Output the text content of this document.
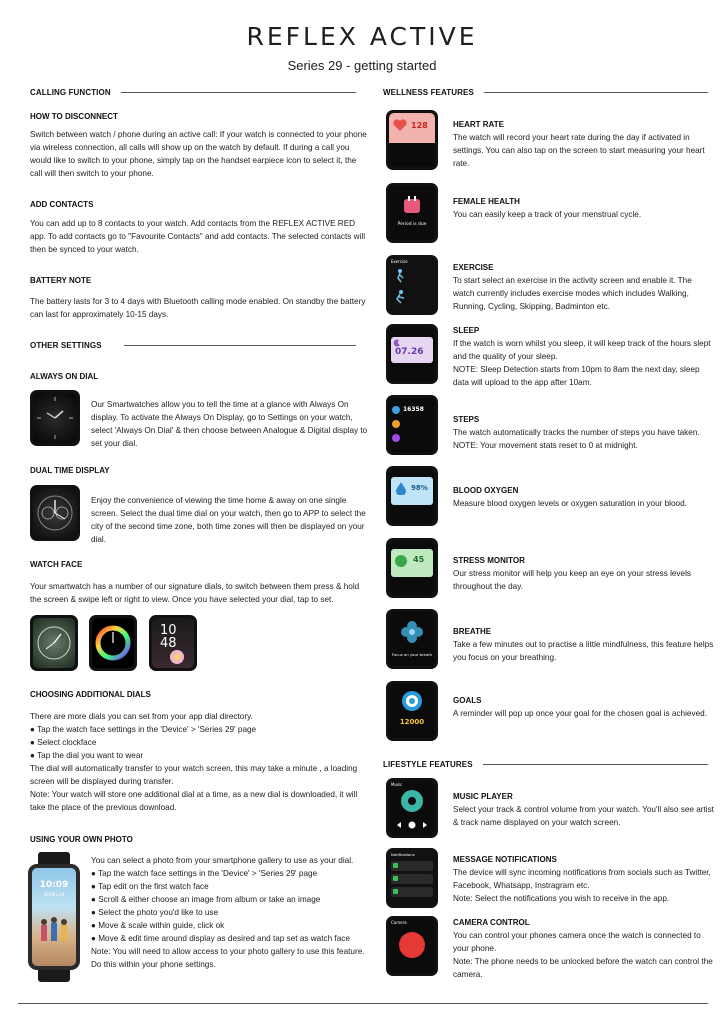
REFLEX ACTIVE
Series 29 - getting started
CALLING FUNCTION
HOW TO DISCONNECT
Switch between watch / phone during an active call: If your watch is connected to your phone via wireless connection, all calls will show up on the watch by default. If during a call you would like to switch to your phone, simply tap on the handset earpiece icon to select it, the call will then switch to your phone.
ADD CONTACTS
You can add up to 8 contacts to your watch. Add contacts from the REFLEX ACTIVE RED app. To add contacts go to "Favourite Contacts" and add contacts. The selected contacts will then be synced to your watch.
BATTERY NOTE
The battery lasts for 3 to 4 days with Bluetooth calling mode enabled. On standby the battery can last for approximately 10-15 days.
OTHER SETTINGS
ALWAYS ON DIAL
Our Smartwatches allow you to tell the time at a glance with Always On display. To activate the Always On Display, go to Settings on your watch, select 'Always On Dial' & then choose between Analogue & Digital display to set your dial.
DUAL TIME DISPLAY
Enjoy the convenience of viewing the time home & away on one single screen. Select the dual time dial on your watch, then go to APP to select the city of the second time zone, both time zones will then be displayed on your dial.
WATCH FACE
Your smartwatch has a number of our signature dials, to switch between them press & hold the screen & swipe left or right to view. Once you have selected your dial, tap to set.
10
48
CHOOSING ADDITIONAL DIALS

There are more dials you can set from your app dial directory.

● Tap the watch face settings in the 'Device' > 'Series 29' page

● Select clockface

● Tap the dial you want to wear

The dial will automatically transfer to your watch screen, this may take a minute , a loading screen will be displayed during transfer.

Note: Your watch will store one additional dial at a time, as a new dial is downloaded, it will take the place of the previous download.

USING YOUR OWN PHOTO
10:09
SERIES 29

You can select a photo from your smartphone gallery to use as your dial.

● Tap the watch face settings in the 'Device' > 'Series 29' page

● Tap edit on the first watch face

● Scroll & either choose an image from album or take an image

● Select the photo you'd like to use

● Move & scale within guide, click ok

● Move & edit time around display as desired and tap set as watch face

Note: You will need to allow access to your photo gallery to use this feature. Do this within your phone settings.

WELLNESS FEATURES
128	HEART RATE
The watch will record your heart rate during the day if activated in settings. You can also tap on the screen to start measuring your heart rate.
Period is due
FEMALE HEALTH
You can easily keep a track of your menstrual cycle.
Exercise
EXERCISE
To start select an exercise in the activity screen and enable it. The watch currently includes exercise modes which includes Walking, Running, Cycling, Skipping, Badminton etc.
07.26
SLEEP

If the watch is worn whilst you sleep, it will keep track of the hours slept and the quality of your sleep.

NOTE: Sleep Detection starts from 10pm to 8am the next day, sleep data will upload to the app after 10am.

16358
STEPS

The watch automatically tracks the number of steps you have taken.

NOTE: Your movement stats reset to 0 at midnight.

98%	BLOOD OXYGEN
Measure blood oxygen levels or oxygen saturation in your blood.
45	STRESS MONITOR
Our stress monitor will help you keep an eye on your stress levels throughout the day.
Focus on your breath
BREATHE
Take a few minutes out to practise a little mindfulness, this feature helps you focus on your breathing.
12000
GOALS
A reminder will pop up once your goal for the chosen goal is achieved.
LIFESTYLE FEATURES
Music
MUSIC PLAYER
Select your track & control volume from your watch. You'll also see artist & track name displayed on your watch screen.
Notifications
MESSAGE NOTIFICATIONS

The device will sync incoming notifications from socials such as Twitter, Facebook, Whatsapp, Instragram etc.

Note: Select the notifications you wish to receive in the app.

Camera	CAMERA CONTROL

You can control your phones camera once the watch is connected to your phone.

Note: The phone needs to be unlocked before the watch can control the camera.
